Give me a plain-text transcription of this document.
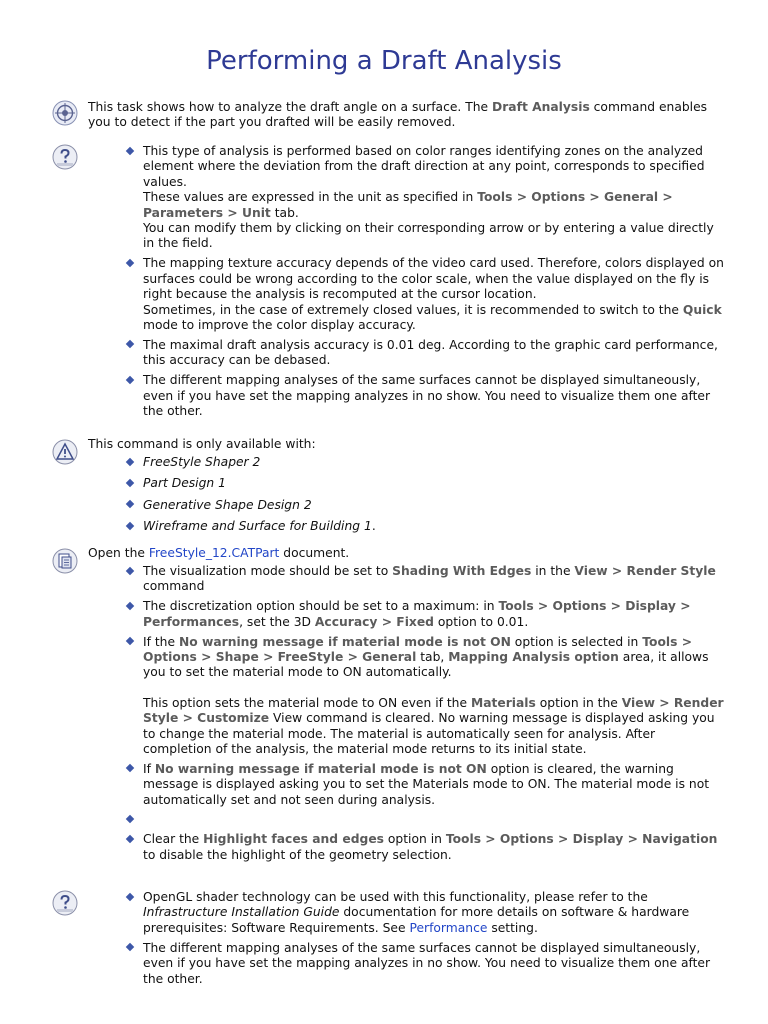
Performing a Draft Analysis
This task shows how to analyze the draft angle on a surface. The Draft Analysis command enables you to detect if the part you drafted will be easily removed.
This type of analysis is performed based on color ranges identifying zones on the analyzed element where the deviation from the draft direction at any point, corresponds to specified values.
These values are expressed in the unit as specified in Tools > Options > General > Parameters > Unit tab.
You can modify them by clicking on their corresponding arrow or by entering a value directly in the field.
The mapping texture accuracy depends of the video card used. Therefore, colors displayed on surfaces could be wrong according to the color scale, when the value displayed on the fly is right because the analysis is recomputed at the cursor location.
Sometimes, in the case of extremely closed values, it is recommended to switch to the Quick mode to improve the color display accuracy.
The maximal draft analysis accuracy is 0.01 deg. According to the graphic card performance, this accuracy can be debased.
The different mapping analyses of the same surfaces cannot be displayed simultaneously, even if you have set the mapping analyzes in no show. You need to visualize them one after the other.
This command is only available with:
FreeStyle Shaper 2
Part Design 1
Generative Shape Design 2
Wireframe and Surface for Building 1.
Open the FreeStyle_12.CATPart document.
The visualization mode should be set to Shading With Edges in the View > Render Style command
The discretization option should be set to a maximum: in Tools > Options > Display > Performances, set the 3D Accuracy > Fixed option to 0.01.
If the No warning message if material mode is not ON option is selected in Tools > Options > Shape > FreeStyle > General tab, Mapping Analysis option area, it allows you to set the material mode to ON automatically.
This option sets the material mode to ON even if the Materials option in the View > Render Style > Customize View command is cleared. No warning message is displayed asking you to change the material mode. The material is automatically seen for analysis. After completion of the analysis, the material mode returns to its initial state.
If No warning message if material mode is not ON option is cleared, the warning message is displayed asking you to set the Materials mode to ON. The material mode is not automatically set and not seen during analysis.
Clear the Highlight faces and edges option in Tools > Options > Display > Navigation to disable the highlight of the geometry selection.
OpenGL shader technology can be used with this functionality, please refer to the Infrastructure Installation Guide documentation for more details on software & hardware prerequisites: Software Requirements. See Performance setting.
The different mapping analyses of the same surfaces cannot be displayed simultaneously, even if you have set the mapping analyzes in no show. You need to visualize them one after the other.
